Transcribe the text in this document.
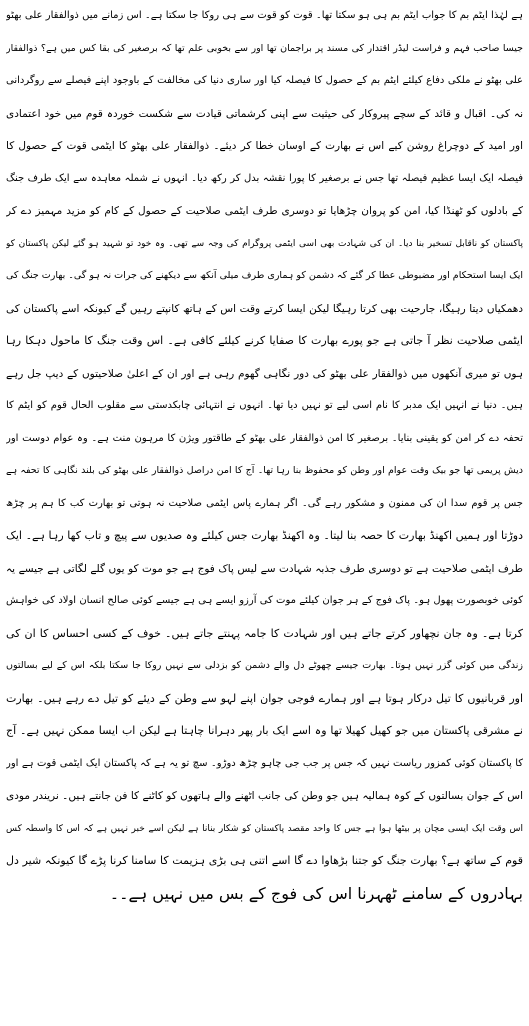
ہے لہٰذا ایٹم بم کا جواب ایٹم بم ہی ہو سکتا تھا۔ قوت کو قوت سے ہی روکا جا سکتا ہے۔ اس زمانے میں ذوالفقار علی بھٹو
جیسا صاحب فہم و فراست لیڈر اقتدار کی مسند پر براجمان تھا اور سے بخوبی علم تھا کہ برصغیر کی بقا کس میں ہے؟ ذوالفقار
علی بھٹو نے ملکی دفاع کیلئے ایٹم بم کے حصول کا فیصلہ کیا اور ساری دنیا کی مخالفت کے باوجود اپنے فیصلے سے روگردانی
نہ کی۔ اقبال و قائد کے سچے پیروکار کی حیثیت سے اپنی کرشماتی قیادت سے شکست خوردہ قوم میں خود اعتمادی
اور امید کے دوچراغ روشن کیے اس نے بھارت کے اوسان خطا کر دیئے۔ ذوالفقار علی بھٹو کا ایٹمی قوت کے حصول کا
فیصلہ ایک ایسا عظیم فیصلہ تھا جس نے برصغیر کا پورا نقشہ بدل کر رکھ دیا۔ انہوں نے شملہ معاہدہ سے ایک طرف جنگ
کے بادلوں کو ٹھنڈا کیا، امن کو پروان چڑھایا تو دوسری طرف ایٹمی صلاحیت کے حصول کے کام کو مزید مہمیز دے کر
پاکستان کو ناقابل تسخیر بنا دیا۔ ان کی شہادت بھی اسی ایٹمی پروگرام کی وجہ سے تھی۔ وہ خود تو شہید ہو گئے لیکن پاکستان کو
ایک ایسا استحکام اور مضبوطی عطا کر گئے کہ دشمن کو ہماری طرف میلی آنکھ سے دیکھنے کی جرات نہ ہو گی۔ بھارت جنگ کی
دھمکیاں دیتا رہیگا، جارحیت بھی کرتا رہیگا لیکن ایسا کرتے وقت اس کے ہاتھ کانپتے رہیں گے کیونکہ اسے پاکستان کی
ایٹمی صلاحیت نظر آ جاتی ہے جو پورے بھارت کا صفایا کرنے کیلئے کافی ہے۔ اس وقت جنگ کا ماحول دہکا رہا
ہوں تو میری آنکھوں میں ذوالفقار علی بھٹو کی دور نگاہی گھوم رہی ہے اور ان کے اعلیٰ صلاحیتوں کے دیپ جل رہے
ہیں۔ دنیا نے انہیں ایک مدبر کا نام اسی لیے تو نہیں دیا تھا۔ انہوں نے انتہائی چابکدستی سے مقلوب الحال قوم کو ایٹم کا
تحفہ دے کر امن کو یقینی بنایا۔ برصغیر کا امن ذوالفقار علی بھٹو کے طاقتور ویژن کا مرہون منت ہے۔ وہ عوام دوست اور
دیش پریمی تھا جو بیک وقت عوام اور وطن کو محفوظ بنا رہا تھا۔ آج کا امن دراصل ذوالفقار علی بھٹو کی بلند نگاہی کا تحفہ ہے
جس پر قوم سدا ان کی ممنون و مشکور رہے گی۔ اگر ہمارے پاس ایٹمی صلاحیت نہ ہوتی تو بھارت کب کا ہم پر چڑھ
دوڑتا اور ہمیں اکھنڈ بھارت کا حصہ بنا لیتا۔ وہ اکھنڈ بھارت جس کیلئے وہ صدیوں سے پیچ و تاب کھا رہا ہے۔ ایک
طرف ایٹمی صلاحیت ہے تو دوسری طرف جذبہ شہادت سے لیس پاک فوج ہے جو موت کو یوں گلے لگاتی ہے جیسے یہ
کوئی خوبصورت پھول ہو۔ پاک فوج کے ہر جوان کیلئے موت کی آرزو ایسے ہی ہے جیسے کوئی صالح انسان اولاد کی خواہش
کرتا ہے۔ وہ جان نچھاور کرتے جاتے ہیں اور شہادت کا جامہ پہنتے جاتے ہیں۔ خوف کے کسی احساس کا ان کی
زندگی میں کوئی گزر نہیں ہوتا۔ بھارت جیسے چھوٹے دل والے دشمن کو بزدلی سے نہیں روکا جا سکتا بلکہ اس کے لیے بسالتوں
اور قربانیوں کا تیل درکار ہوتا ہے اور ہمارے فوجی جوان اپنے لہو سے وطن کے دیئے کو تیل دے رہے ہیں۔ بھارت
نے مشرقی پاکستان میں جو کھیل کھیلا تھا وہ اسے ایک بار پھر دہرانا چاہتا ہے لیکن اب ایسا ممکن نہیں ہے۔ آج
کا پاکستان کوئی کمزور ریاست نہیں کہ جس پر جب جی چاہو چڑھ دوڑو۔ سچ تو یہ ہے کہ پاکستان ایک ایٹمی قوت ہے اور
اس کے جوان بسالتوں کے کوہ ہمالیہ ہیں جو وطن کی جانب اٹھنے والے ہاتھوں کو کاٹنے کا فن جانتے ہیں۔ نریندر مودی
اس وقت ایک ایسی مچان پر بیٹھا ہوا ہے جس کا واحد مقصد پاکستان کو شکار بنانا ہے لیکن اسے خبر نہیں ہے کہ اس کا واسطہ کس
قوم کے ساتھ ہے؟ بھارت جنگ کو جتنا بڑھاوا دے گا اسے اتنی ہی بڑی ہزیمت کا سامنا کرنا پڑے گا کیونکہ شیر دل
بہادروں کے سامنے ٹھہرنا اس کی فوج کے بس میں نہیں ہے۔۔
